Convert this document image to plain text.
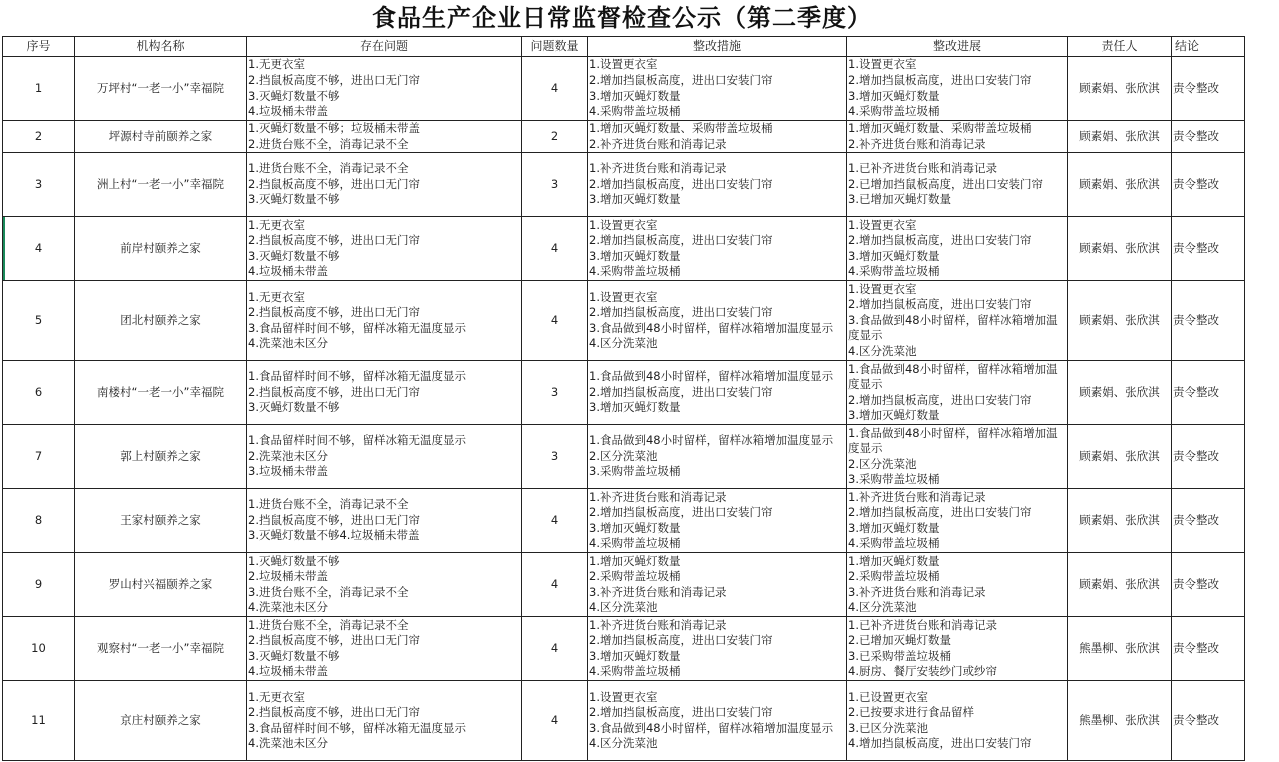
食品生产企业日常监督检查公示（第二季度）
序号	机构名称	存在问题	问题数量	整改措施	整改进展	责任人	结论

1	万坪村“一老一小”幸福院	1.无更衣室
2.挡鼠板高度不够，进出口无门帘
3.灭蝇灯数量不够
4.垃圾桶未带盖	4	1.设置更衣室
2.增加挡鼠板高度，进出口安装门帘
3.增加灭蝇灯数量
4.采购带盖垃圾桶	1.设置更衣室
2.增加挡鼠板高度，进出口安装门帘
3.增加灭蝇灯数量
4.采购带盖垃圾桶	顾素娟、张欣淇	责令整改

2	坪源村寺前颐养之家	1.灭蝇灯数量不够；垃圾桶未带盖
2.进货台账不全，消毒记录不全	2	1.增加灭蝇灯数量、采购带盖垃圾桶
2.补齐进货台账和消毒记录	1.增加灭蝇灯数量、采购带盖垃圾桶
2.补齐进货台账和消毒记录	顾素娟、张欣淇	责令整改

3	洲上村“一老一小”幸福院	1.进货台账不全，消毒记录不全
2.挡鼠板高度不够，进出口无门帘
3.灭蝇灯数量不够	3	1.补齐进货台账和消毒记录
2.增加挡鼠板高度，进出口安装门帘
3.增加灭蝇灯数量	1.已补齐进货台账和消毒记录
2.已增加挡鼠板高度，进出口安装门帘
3.已增加灭蝇灯数量	顾素娟、张欣淇	责令整改

4	前岸村颐养之家	1.无更衣室
2.挡鼠板高度不够，进出口无门帘
3.灭蝇灯数量不够
4.垃圾桶未带盖	4	1.设置更衣室
2.增加挡鼠板高度，进出口安装门帘
3.增加灭蝇灯数量
4.采购带盖垃圾桶	1.设置更衣室
2.增加挡鼠板高度，进出口安装门帘
3.增加灭蝇灯数量
4.采购带盖垃圾桶	顾素娟、张欣淇	责令整改

5	团北村颐养之家	1.无更衣室
2.挡鼠板高度不够，进出口无门帘
3.食品留样时间不够，留样冰箱无温度显示
4.洗菜池未区分	4	1.设置更衣室
2.增加挡鼠板高度，进出口安装门帘
3.食品做到48小时留样，留样冰箱增加温度显示
4.区分洗菜池	1.设置更衣室
2.增加挡鼠板高度，进出口安装门帘
3.食品做到48小时留样，留样冰箱增加温度显示
4.区分洗菜池	顾素娟、张欣淇	责令整改

6	南楼村“一老一小”幸福院	1.食品留样时间不够，留样冰箱无温度显示
2.挡鼠板高度不够，进出口无门帘
3.灭蝇灯数量不够	3	1.食品做到48小时留样，留样冰箱增加温度显示
2.增加挡鼠板高度，进出口安装门帘
3.增加灭蝇灯数量	1.食品做到48小时留样，留样冰箱增加温度显示
2.增加挡鼠板高度，进出口安装门帘
3.增加灭蝇灯数量	顾素娟、张欣淇	责令整改

7	郭上村颐养之家	1.食品留样时间不够，留样冰箱无温度显示
2.洗菜池未区分
3.垃圾桶未带盖	3	1.食品做到48小时留样，留样冰箱增加温度显示
2.区分洗菜池
3.采购带盖垃圾桶	1.食品做到48小时留样，留样冰箱增加温度显示
2.区分洗菜池
3.采购带盖垃圾桶	顾素娟、张欣淇	责令整改

8	王家村颐养之家	1.进货台账不全，消毒记录不全
2.挡鼠板高度不够，进出口无门帘
3.灭蝇灯数量不够4.垃圾桶未带盖	4	1.补齐进货台账和消毒记录
2.增加挡鼠板高度，进出口安装门帘
3.增加灭蝇灯数量
4.采购带盖垃圾桶	1.补齐进货台账和消毒记录
2.增加挡鼠板高度，进出口安装门帘
3.增加灭蝇灯数量
4.采购带盖垃圾桶	顾素娟、张欣淇	责令整改

9	罗山村兴福颐养之家	1.灭蝇灯数量不够
2.垃圾桶未带盖
3.进货台账不全，消毒记录不全
4.洗菜池未区分	4	1.增加灭蝇灯数量
2.采购带盖垃圾桶
3.补齐进货台账和消毒记录
4.区分洗菜池	1.增加灭蝇灯数量
2.采购带盖垃圾桶
3.补齐进货台账和消毒记录
4.区分洗菜池	顾素娟、张欣淇	责令整改

10	观察村“一老一小”幸福院	1.进货台账不全，消毒记录不全
2.挡鼠板高度不够，进出口无门帘
3.灭蝇灯数量不够
4.垃圾桶未带盖	4	1.补齐进货台账和消毒记录
2.增加挡鼠板高度，进出口安装门帘
3.增加灭蝇灯数量
4.采购带盖垃圾桶	1.已补齐进货台账和消毒记录
2.已增加灭蝇灯数量
3.已采购带盖垃圾桶
4.厨房、餐厅安装纱门或纱帘	熊墨柳、张欣淇	责令整改

11	京庄村颐养之家	1.无更衣室
2.挡鼠板高度不够，进出口无门帘
3.食品留样时间不够，留样冰箱无温度显示
4.洗菜池未区分	4	1.设置更衣室
2.增加挡鼠板高度，进出口安装门帘
3.食品做到48小时留样，留样冰箱增加温度显示
4.区分洗菜池	1.已设置更衣室
2.已按要求进行食品留样
3.已区分洗菜池
4.增加挡鼠板高度，进出口安装门帘	熊墨柳、张欣淇	责令整改
